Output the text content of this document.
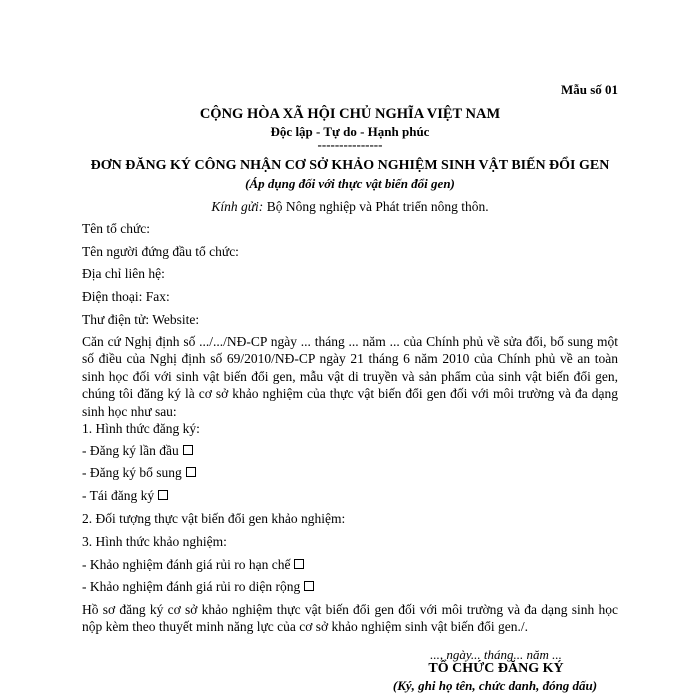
Mẫu số 01
CỘNG HÒA XÃ HỘI CHỦ NGHĨA VIỆT NAM
Độc lập - Tự do - Hạnh phúc
---------------
ĐƠN ĐĂNG KÝ CÔNG NHẬN CƠ SỞ KHẢO NGHIỆM SINH VẬT BIẾN ĐỔI GEN
(Áp dụng đối với thực vật biến đổi gen)
Kính gửi: Bộ Nông nghiệp và Phát triển nông thôn.
Tên tổ chức:
Tên người đứng đầu tổ chức:
Địa chỉ liên hệ:
Điện thoại: Fax:
Thư điện tử: Website:
Căn cứ Nghị định số .../.../NĐ-CP ngày ... tháng ... năm ... của Chính phủ về sửa đổi, bổ sung một số điều của Nghị định số 69/2010/NĐ-CP ngày 21 tháng 6 năm 2010 của Chính phủ về an toàn sinh học đối với sinh vật biến đổi gen, mẫu vật di truyền và sản phẩm của sinh vật biến đổi gen, chúng tôi đăng ký là cơ sở khảo nghiệm của thực vật biến đổi gen đối với môi trường và đa dạng sinh học như sau:
1. Hình thức đăng ký:
- Đăng ký lần đầu
- Đăng ký bổ sung
- Tái đăng ký
2. Đối tượng thực vật biến đổi gen khảo nghiệm:
3. Hình thức khảo nghiệm:
- Khảo nghiệm đánh giá rủi ro hạn chế
- Khảo nghiệm đánh giá rủi ro diện rộng
Hồ sơ đăng ký cơ sở khảo nghiệm thực vật biến đổi gen đối với môi trường và đa dạng sinh học nộp kèm theo thuyết minh năng lực của cơ sở khảo nghiệm sinh vật biến đổi gen./.
..., ngày... tháng... năm ...
TỔ CHỨC ĐĂNG KÝ
(Ký, ghi họ tên, chức danh, đóng dấu)
